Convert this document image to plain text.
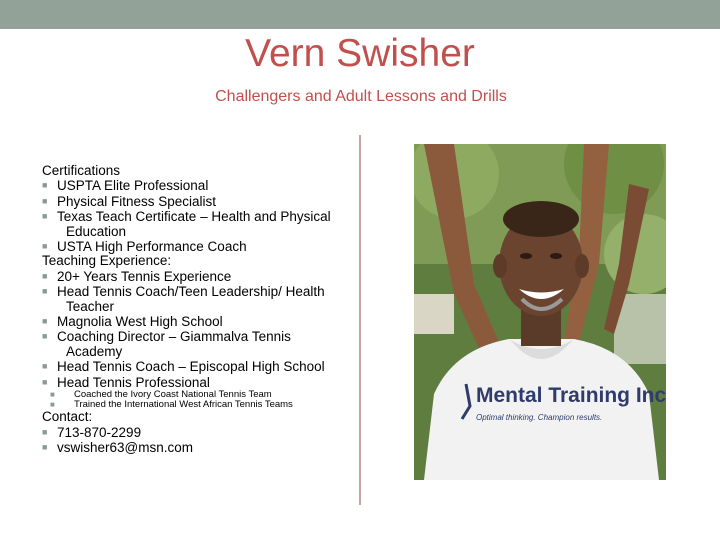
Vern Swisher
Challengers and Adult Lessons and Drills
Certifications
■ USPTA Elite Professional
■ Physical Fitness Specialist
■ Texas Teach Certificate – Health and Physical Education
■ USTA High Performance Coach
Teaching Experience:
■ 20+ Years Tennis Experience
■ Head Tennis Coach/Teen Leadership/ Health Teacher
■ Magnolia West High School
■ Coaching Director – Giammalva Tennis Academy
■ Head Tennis Coach – Episcopal High School
■ Head Tennis Professional
■ Coached the Ivory Coast National Tennis Team
■ Trained the International West African Tennis Teams
Contact:
■ 713-870-2299
■ vswisher63@msn.com
Mental Training Inc
Optimal thinking. Champion results.
